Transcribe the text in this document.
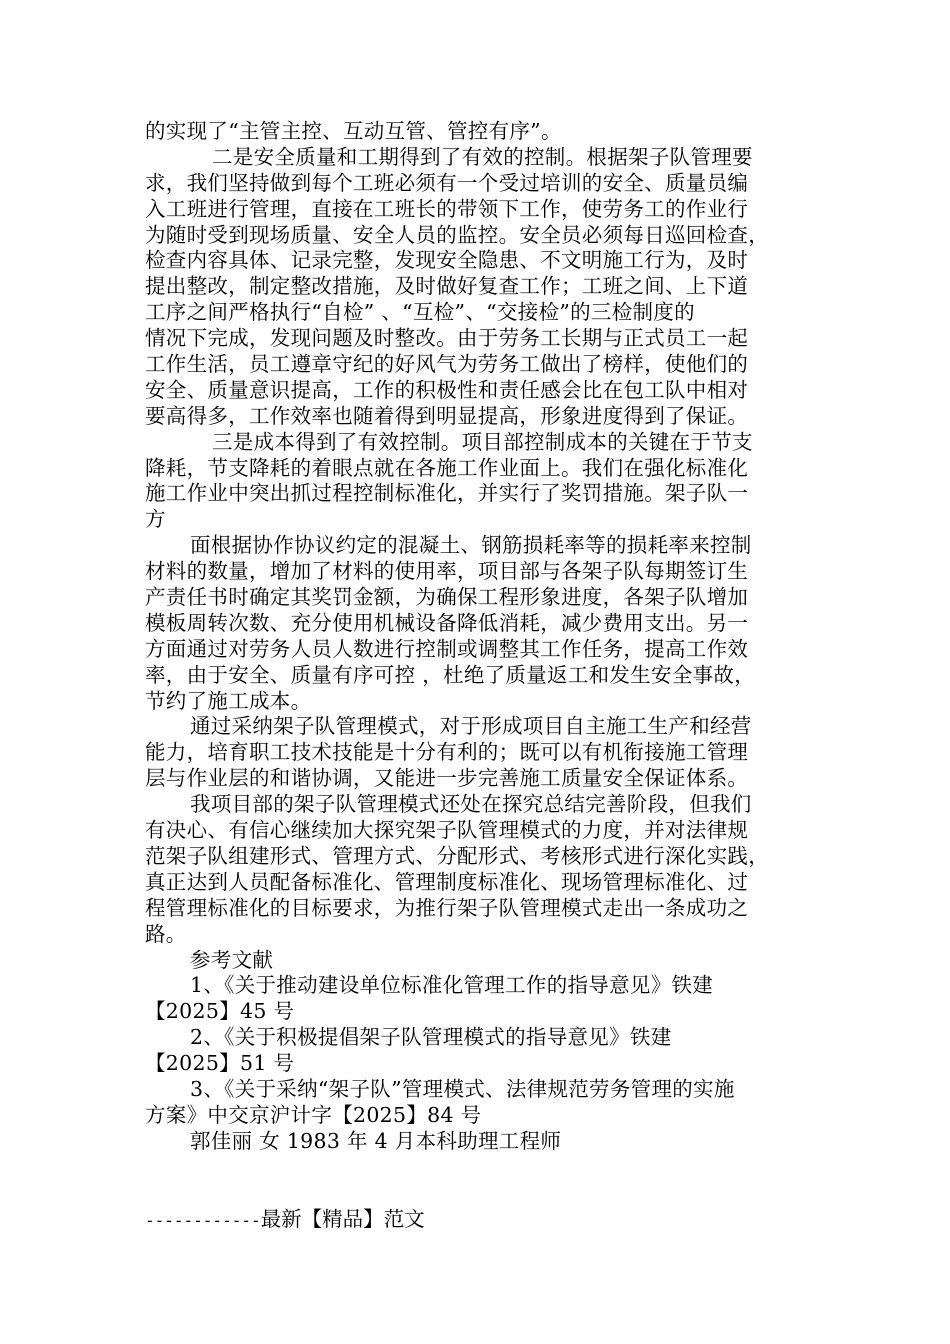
的实现了“主管主控、互动互管、管控有序”。
二是安全质量和工期得到了有效的控制。根据架子队管理要
求，我们坚持做到每个工班必须有一个受过培训的安全、质量员编
入工班进行管理，直接在工班长的带领下工作，使劳务工的作业行
为随时受到现场质量、安全人员的监控。安全员必须每日巡回检查，
检查内容具体、记录完整，发现安全隐患、不文明施工行为，及时
提出整改，制定整改措施，及时做好复查工作；工班之间、上下道
工序之间严格执行“自检” 、“互检”、“交接检”的三检制度的
情况下完成，发现问题及时整改。由于劳务工长期与正式员工一起
工作生活，员工遵章守纪的好风气为劳务工做出了榜样，使他们的
安全、质量意识提高，工作的积极性和责任感会比在包工队中相对
要高得多，工作效率也随着得到明显提高，形象进度得到了保证。
三是成本得到了有效控制。项目部控制成本的关键在于节支
降耗，节支降耗的着眼点就在各施工作业面上。我们在强化标准化
施工作业中突出抓过程控制标准化，并实行了奖罚措施。架子队一
方
面根据协作协议约定的混凝土、钢筋损耗率等的损耗率来控制
材料的数量，增加了材料的使用率，项目部与各架子队每期签订生
产责任书时确定其奖罚金额，为确保工程形象进度，各架子队增加
模板周转次数、充分使用机械设备降低消耗，减少费用支出。另一
方面通过对劳务人员人数进行控制或调整其工作任务，提高工作效
率，由于安全、质量有序可控 ，杜绝了质量返工和发生安全事故，
节约了施工成本。
通过采纳架子队管理模式，对于形成项目自主施工生产和经营
能力，培育职工技术技能是十分有利的；既可以有机衔接施工管理
层与作业层的和谐协调，又能进一步完善施工质量安全保证体系。
我项目部的架子队管理模式还处在探究总结完善阶段，但我们
有决心、有信心继续加大探究架子队管理模式的力度，并对法律规
范架子队组建形式、管理方式、分配形式、考核形式进行深化实践，
真正达到人员配备标准化、管理制度标准化、现场管理标准化、过
程管理标准化的目标要求，为推行架子队管理模式走出一条成功之
路。
参考文献
1、《关于推动建设单位标准化管理工作的指导意见》铁建
【2025】45 号
2、《关于积极提倡架子队管理模式的指导意见》铁建
【2025】51 号
3、《关于采纳“架子队”管理模式、法律规范劳务管理的实施
方案》中交京沪计字【2025】84 号
郭佳丽 女 1983 年 4 月本科助理工程师
------------最新【精品】范文
